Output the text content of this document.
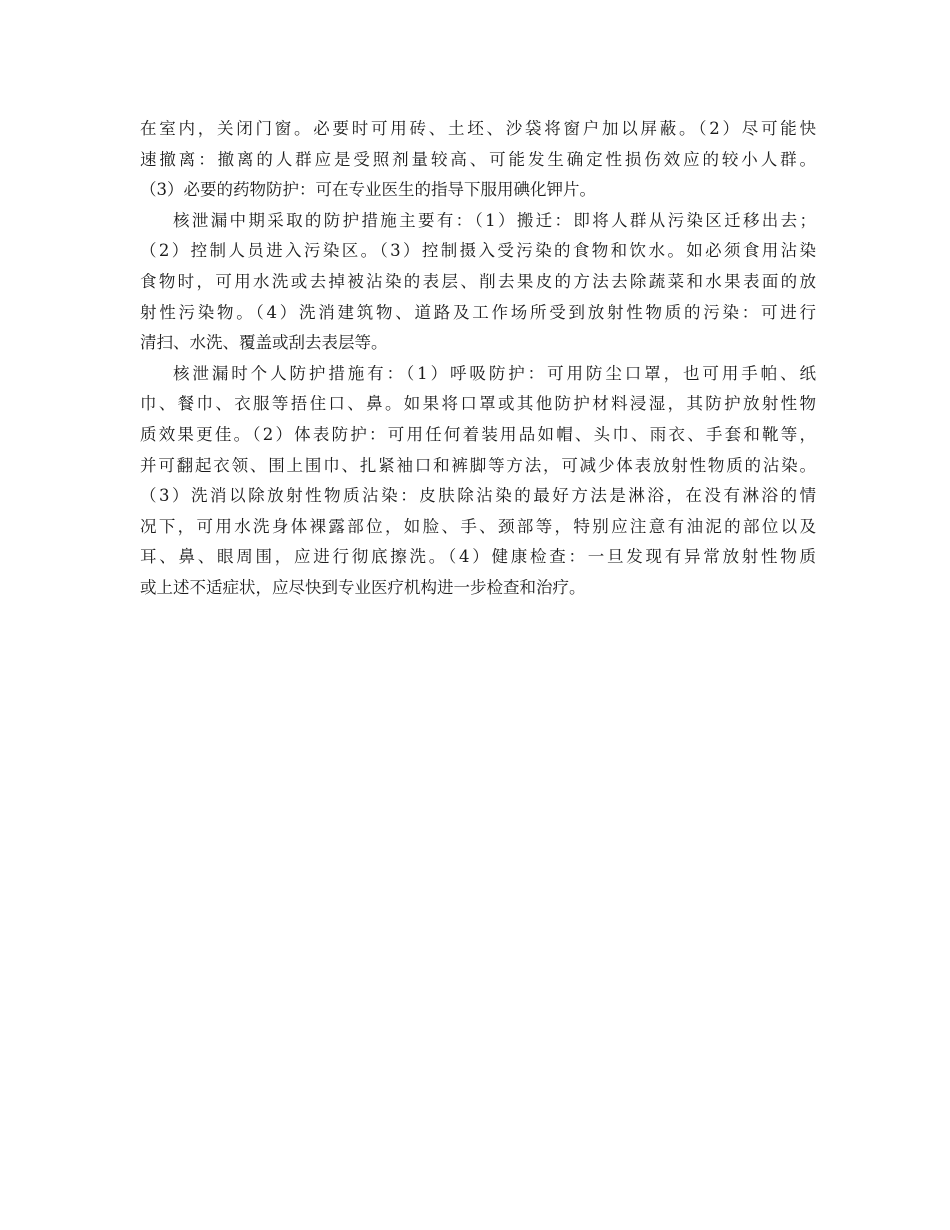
在室内，关闭门窗。必要时可用砖、土坯、沙袋将窗户加以屏蔽。（2）尽可能快
速撤离：撤离的人群应是受照剂量较高、可能发生确定性损伤效应的较小人群。
（3）必要的药物防护：可在专业医生的指导下服用碘化钾片。
核泄漏中期采取的防护措施主要有：（1）搬迁：即将人群从污染区迁移出去；
（2）控制人员进入污染区。（3）控制摄入受污染的食物和饮水。如必须食用沾染
食物时，可用水洗或去掉被沾染的表层、削去果皮的方法去除蔬菜和水果表面的放
射性污染物。（4）洗消建筑物、道路及工作场所受到放射性物质的污染：可进行
清扫、水洗、覆盖或刮去表层等。
核泄漏时个人防护措施有：（1）呼吸防护：可用防尘口罩，也可用手帕、纸
巾、餐巾、衣服等捂住口、鼻。如果将口罩或其他防护材料浸湿，其防护放射性物
质效果更佳。（2）体表防护：可用任何着装用品如帽、头巾、雨衣、手套和靴等，
并可翻起衣领、围上围巾、扎紧袖口和裤脚等方法，可减少体表放射性物质的沾染。
（3）洗消以除放射性物质沾染：皮肤除沾染的最好方法是淋浴，在没有淋浴的情
况下，可用水洗身体裸露部位，如脸、手、颈部等，特别应注意有油泥的部位以及
耳、鼻、眼周围，应进行彻底擦洗。（4）健康检查：一旦发现有异常放射性物质
或上述不适症状，应尽快到专业医疗机构进一步检查和治疗。
